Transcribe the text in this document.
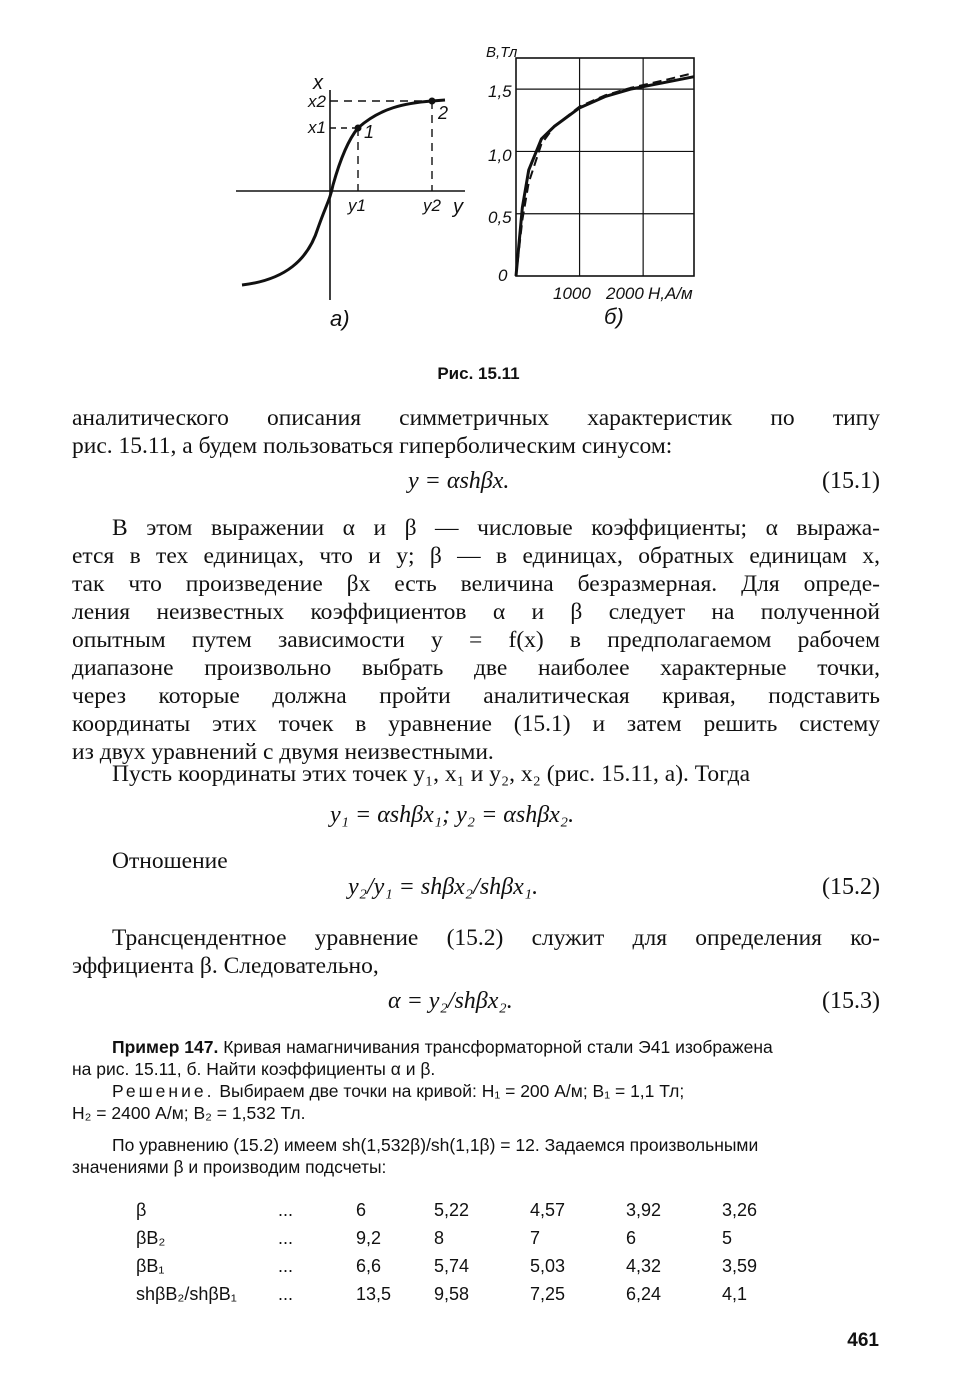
x
x2
x1 1
2
y1	y2 y
а)
В,Тл
1,5
1,0
0,5
0
1000 2000 Н,А/м
б)
Рис. 15.11
аналитического описания симметричных характеристик по типу
рис. 15.11, а будем пользоваться гиперболическим синусом:
y = αshβx.	(15.1)
В этом выражении α и β — числовые коэффициенты; α выража-
ется в тех единицах, что и y; β — в единицах, обратных единицам x,
так что произведение βx есть величина безразмерная. Для опреде-
ления неизвестных коэффициентов α и β следует на полученной
опытным путем зависимости y = f(x) в предполагаемом рабочем
диапазоне произвольно выбрать две наиболее характерные точки,
через которые должна пройти аналитическая кривая, подставить
координаты этих точек в уравнение (15.1) и затем решить систему
из двух уравнений с двумя неизвестными.
Пусть координаты этих точек y₁, x₁ и y₂, x₂ (рис. 15.11, а). Тогда
y₁ = αshβx₁; y₂ = αshβx₂.
Отношение
y₂/y₁ = shβx₂/shβx₁.	(15.2)
Трансцендентное уравнение (15.2) служит для определения ко-
эффициента β. Следовательно,
α = y₂/shβx₂.	(15.3)
Пример 147. Кривая намагничивания трансформаторной стали Э41 изображена
на рис. 15.11, б. Найти коэффициенты α и β.
Решение. Выбираем две точки на кривой: H₁ = 200 А/м; B₁ = 1,1 Тл;
H₂ = 2400 А/м; B₂ = 1,532 Тл.
По уравнению (15.2) имеем sh(1,532β)/sh(1,1β) = 12. Задаемся произвольными
значениями β и производим подсчеты:
β	...	6	5,22	4,57	3,92	3,26
βB₂	...	9,2	8	7	6	5
βB₁	...	6,6	5,74	5,03	4,32	3,59
shβB₂/shβB₁	...	13,5	9,58	7,25	6,24	4,1
461
